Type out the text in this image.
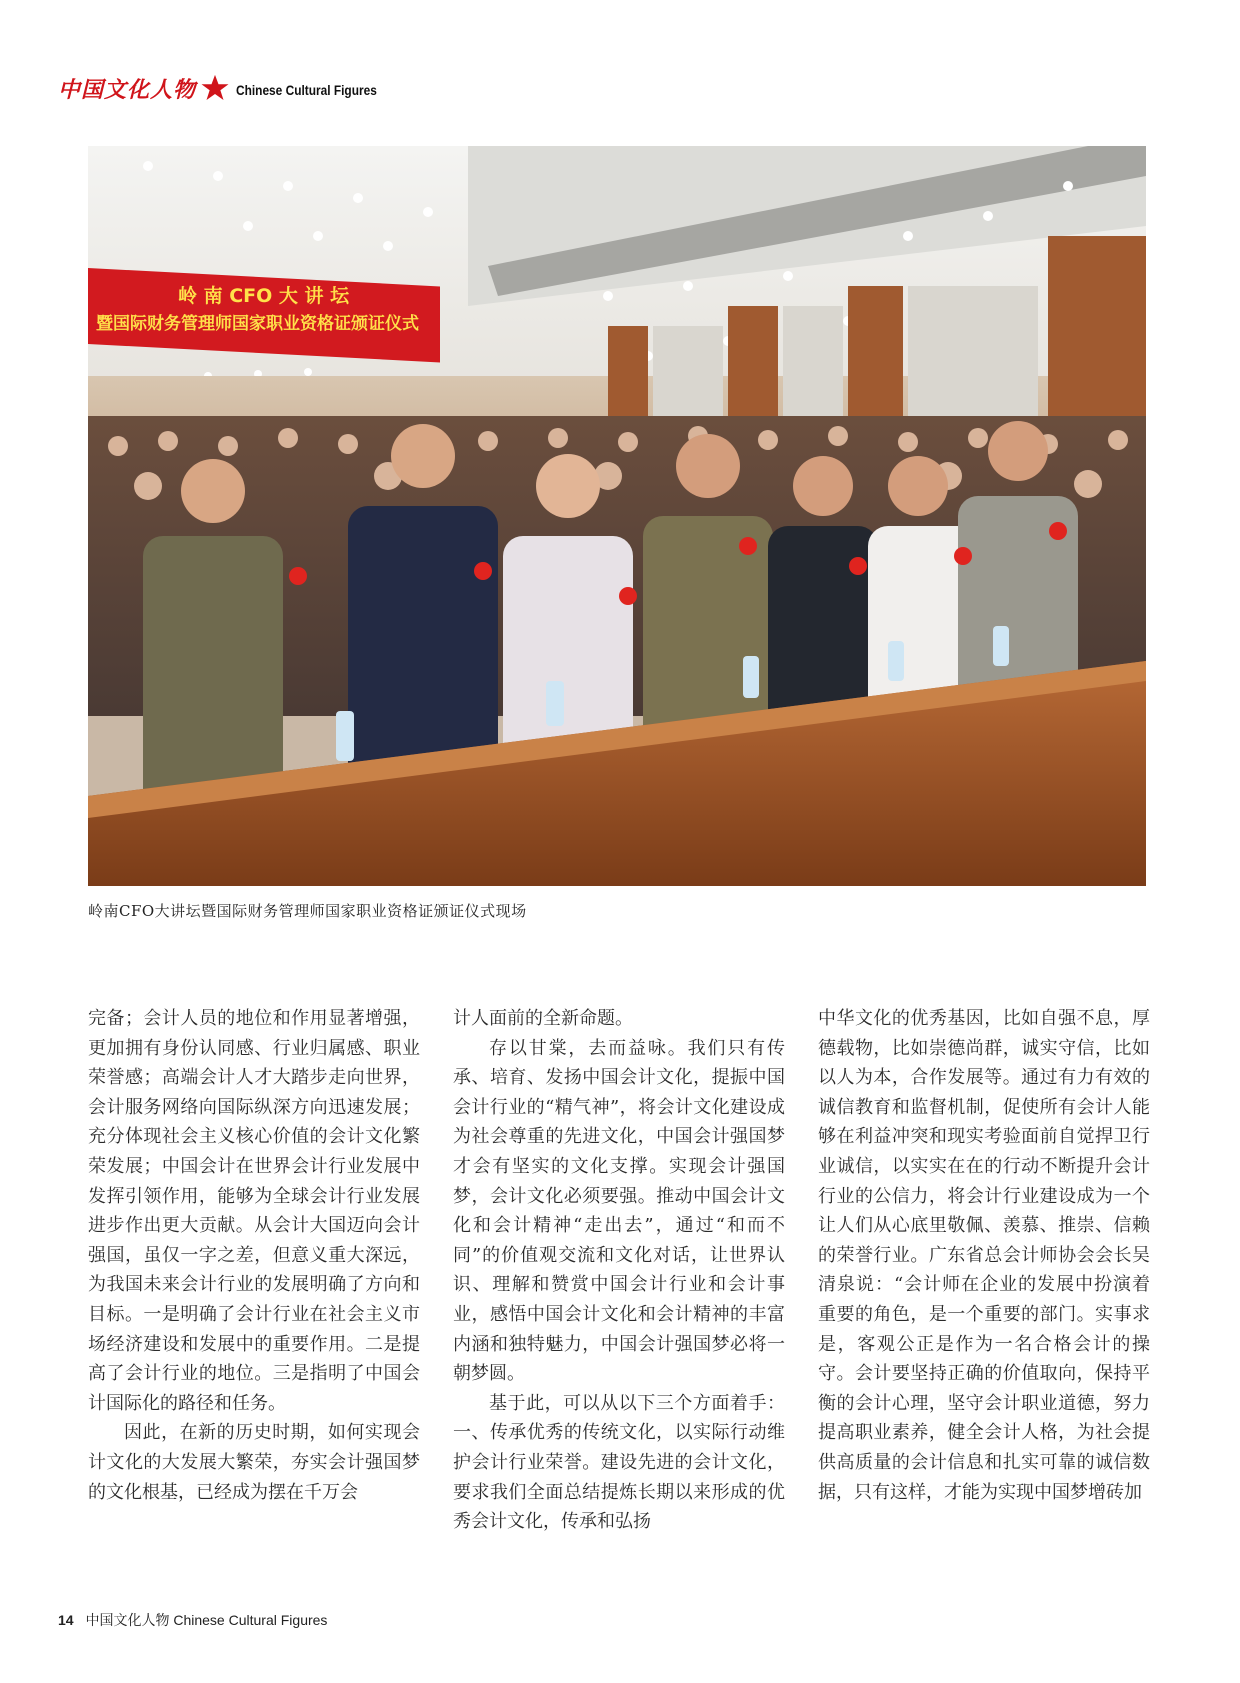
中国文化人物	Chinese Cultural Figures
岭 南 CFO 大 讲 坛
暨国际财务管理师国家职业资格证颁证仪式
岭南CFO大讲坛暨国际财务管理师国家职业资格证颁证仪式现场

完备；会计人员的地位和作用显著增强，更加拥有身份认同感、行业归属感、职业荣誉感；高端会计人才大踏步走向世界，会计服务网络向国际纵深方向迅速发展；充分体现社会主义核心价值的会计文化繁荣发展；中国会计在世界会计行业发展中发挥引领作用，能够为全球会计行业发展进步作出更大贡献。从会计大国迈向会计强国，虽仅一字之差，但意义重大深远，为我国未来会计行业的发展明确了方向和目标。一是明确了会计行业在社会主义市场经济建设和发展中的重要作用。二是提高了会计行业的地位。三是指明了中国会计国际化的路径和任务。

因此，在新的历史时期，如何实现会计文化的大发展大繁荣，夯实会计强国梦的文化根基，已经成为摆在千万会

计人面前的全新命题。

存以甘棠，去而益咏。我们只有传承、培育、发扬中国会计文化，提振中国会计行业的“精气神”，将会计文化建设成为社会尊重的先进文化，中国会计强国梦才会有坚实的文化支撑。实现会计强国梦，会计文化必须要强。推动中国会计文化和会计精神“走出去”，通过“和而不同”的价值观交流和文化对话，让世界认识、理解和赞赏中国会计行业和会计事业，感悟中国会计文化和会计精神的丰富内涵和独特魅力，中国会计强国梦必将一朝梦圆。

基于此，可以从以下三个方面着手：一、传承优秀的传统文化，以实际行动维护会计行业荣誉。建设先进的会计文化，要求我们全面总结提炼长期以来形成的优秀会计文化，传承和弘扬

中华文化的优秀基因，比如自强不息，厚德载物，比如崇德尚群，诚实守信，比如以人为本，合作发展等。通过有力有效的诚信教育和监督机制，促使所有会计人能够在利益冲突和现实考验面前自觉捍卫行业诚信，以实实在在的行动不断提升会计行业的公信力，将会计行业建设成为一个让人们从心底里敬佩、羡慕、推崇、信赖的荣誉行业。广东省总会计师协会会长吴清泉说：“会计师在企业的发展中扮演着重要的角色，是一个重要的部门。实事求是，客观公正是作为一名合格会计的操守。会计要坚持正确的价值取向，保持平衡的会计心理，坚守会计职业道德，努力提高职业素养，健全会计人格，为社会提供高质量的会计信息和扎实可靠的诚信数据，只有这样，才能为实现中国梦增砖加

14 中国文化人物 Chinese Cultural Figures
